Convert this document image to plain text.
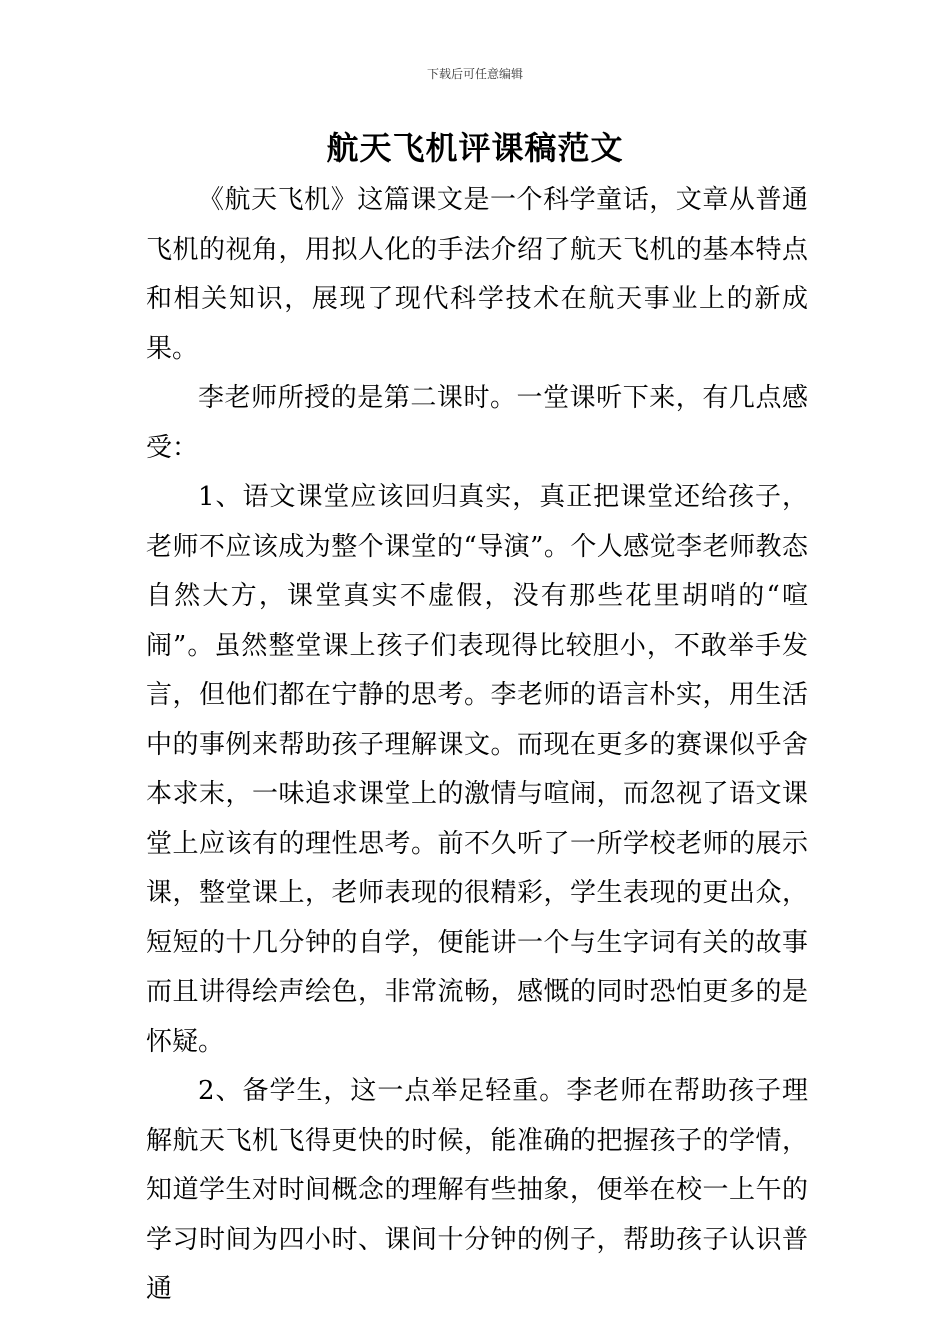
下载后可任意编辑
航天飞机评课稿范文

《航天飞机》这篇课文是一个科学童话，文章从普通飞机的视角，用拟人化的手法介绍了航天飞机的基本特点和相关知识，展现了现代科学技术在航天事业上的新成果。

李老师所授的是第二课时。一堂课听下来，有几点感受：

1、语文课堂应该回归真实，真正把课堂还给孩子，老师不应该成为整个课堂的“导演”。个人感觉李老师教态自然大方，课堂真实不虚假，没有那些花里胡哨的“喧闹”。虽然整堂课上孩子们表现得比较胆小，不敢举手发言，但他们都在宁静的思考。李老师的语言朴实，用生活中的事例来帮助孩子理解课文。而现在更多的赛课似乎舍本求末，一味追求课堂上的激情与喧闹，而忽视了语文课堂上应该有的理性思考。前不久听了一所学校老师的展示课，整堂课上，老师表现的很精彩，学生表现的更出众，短短的十几分钟的自学，便能讲一个与生字词有关的故事而且讲得绘声绘色，非常流畅，感慨的同时恐怕更多的是怀疑。

2、备学生，这一点举足轻重。李老师在帮助孩子理解航天飞机飞得更快的时候，能准确的把握孩子的学情，知道学生对时间概念的理解有些抽象，便举在校一上午的学习时间为四小时、课间十分钟的例子，帮助孩子认识普通
